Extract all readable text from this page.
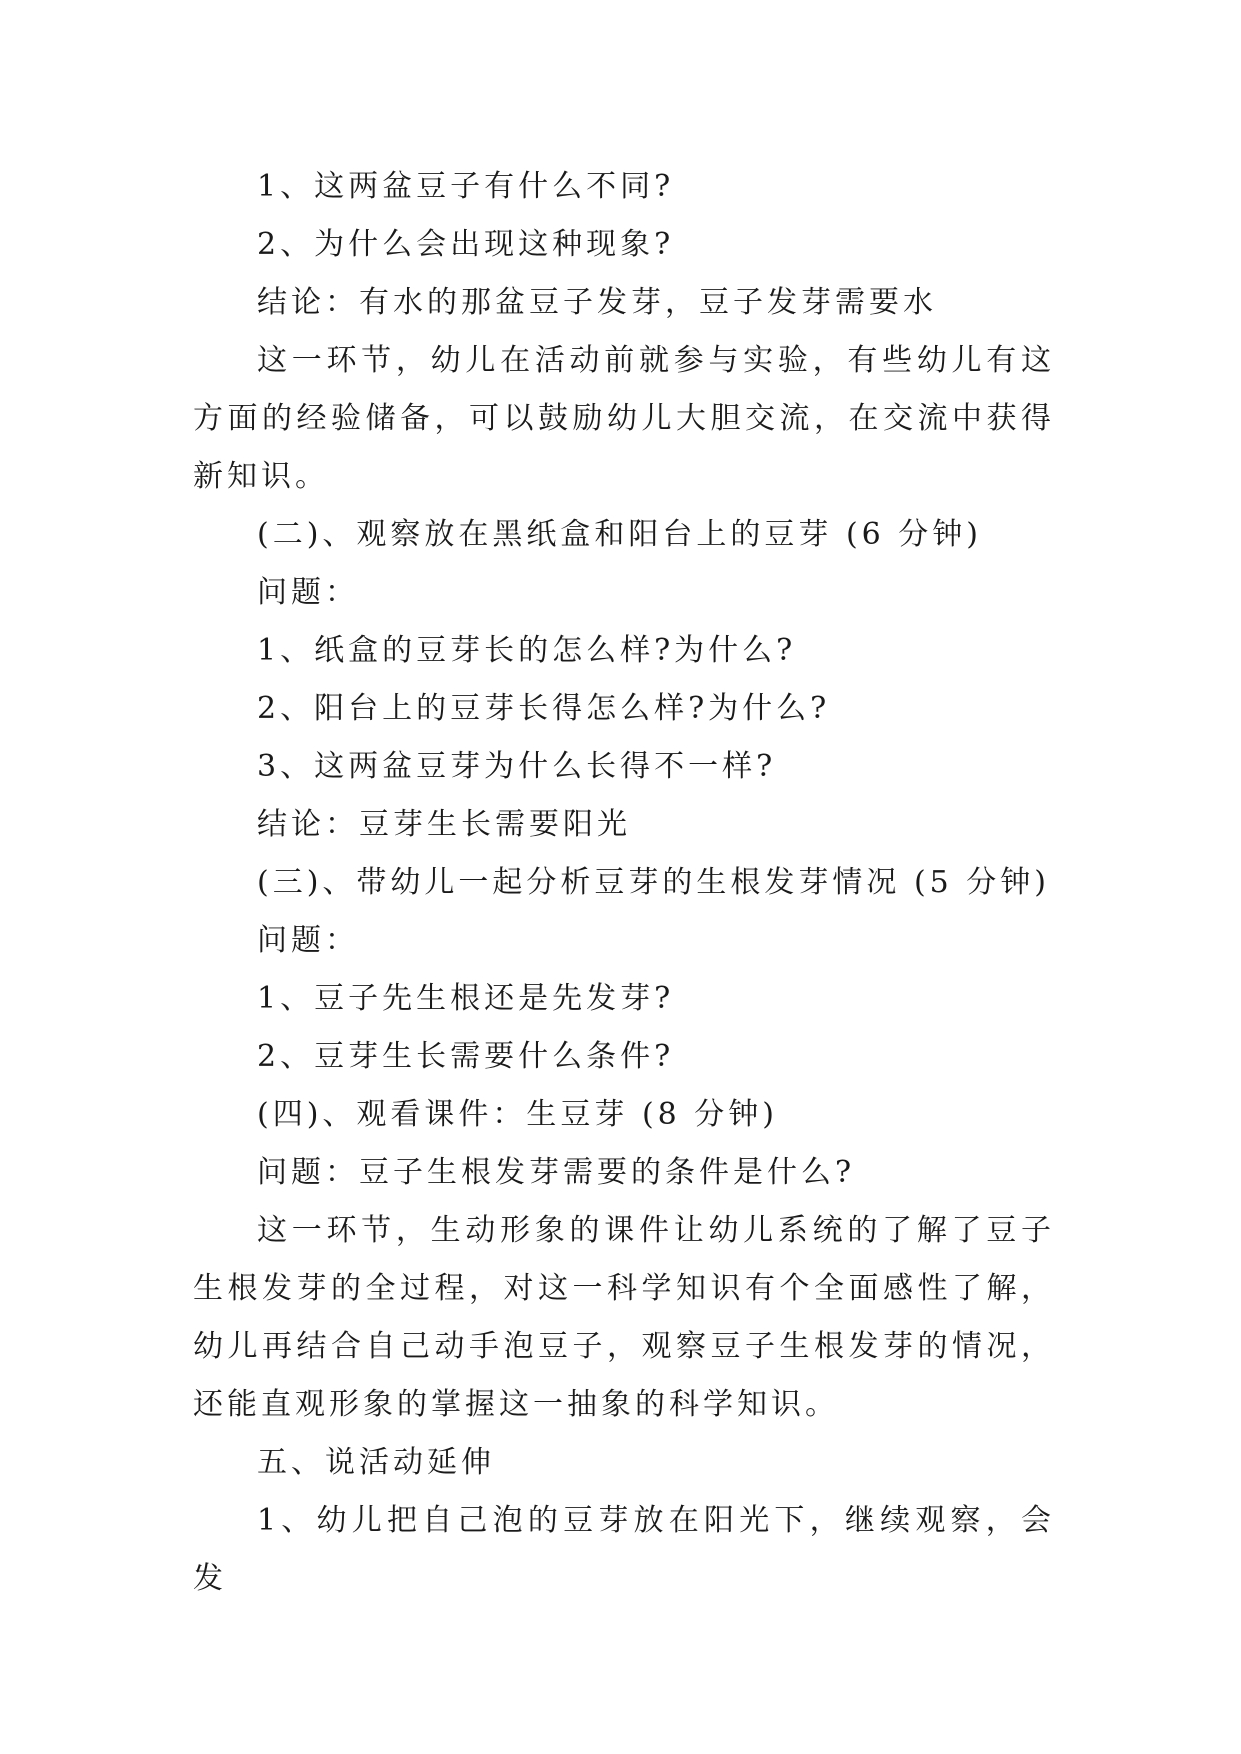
1、这两盆豆子有什么不同?

2、为什么会出现这种现象?

结论：有水的那盆豆子发芽，豆子发芽需要水

这一环节，幼儿在活动前就参与实验，有些幼儿有这方面的经验储备，可以鼓励幼儿大胆交流，在交流中获得新知识。

(二)、观察放在黑纸盒和阳台上的豆芽 (6 分钟)

问题：

1、纸盒的豆芽长的怎么样?为什么?

2、阳台上的豆芽长得怎么样?为什么?

3、这两盆豆芽为什么长得不一样?

结论：豆芽生长需要阳光

(三)、带幼儿一起分析豆芽的生根发芽情况 (5 分钟)

问题：

1、豆子先生根还是先发芽?

2、豆芽生长需要什么条件?

(四)、观看课件：生豆芽 (8 分钟)

问题：豆子生根发芽需要的条件是什么?

这一环节，生动形象的课件让幼儿系统的了解了豆子生根发芽的全过程，对这一科学知识有个全面感性了解，幼儿再结合自己动手泡豆子，观察豆子生根发芽的情况，还能直观形象的掌握这一抽象的科学知识。

五、说活动延伸

1、幼儿把自己泡的豆芽放在阳光下，继续观察，会发
